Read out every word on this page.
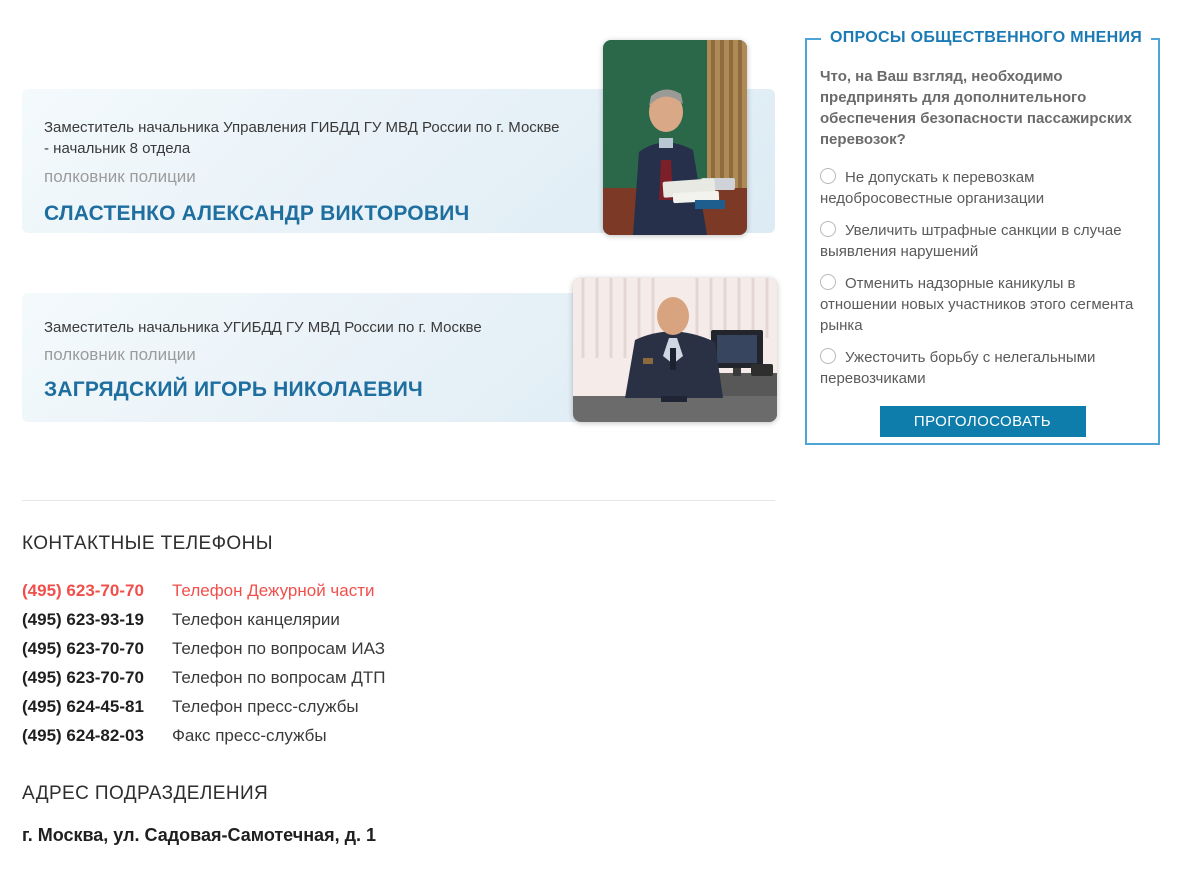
Заместитель начальника Управления ГИБДД ГУ МВД России по г. Москве - начальник 8 отдела
полковник полиции
СЛАСТЕНКО АЛЕКСАНДР ВИКТОРОВИЧ
Заместитель начальника УГИБДД ГУ МВД России по г. Москве
полковник полиции
ЗАГРЯДСКИЙ ИГОРЬ НИКОЛАЕВИЧ
КОНТАКТНЫЕ ТЕЛЕФОНЫ
(495) 623-70-70	Телефон Дежурной части
(495) 623-93-19	Телефон канцелярии
(495) 623-70-70	Телефон по вопросам ИАЗ
(495) 623-70-70	Телефон по вопросам ДТП
(495) 624-45-81	Телефон пресс-службы
(495) 624-82-03	Факс пресс-службы
АДРЕС ПОДРАЗДЕЛЕНИЯ
г. Москва, ул. Садовая-Самотечная, д. 1
ОПРОСЫ ОБЩЕСТВЕННОГО МНЕНИЯ
Что, на Ваш взгляд, необходимо предпринять для дополнительного обеспечения безопасности пассажирских перевозок?
Не допускать к перевозкам недобросовестные организации
Увеличить штрафные санкции в случае выявления нарушений
Отменить надзорные каникулы в отношении новых участников этого сегмента рынка
Ужесточить борьбу с нелегальными перевозчиками
ПРОГОЛОСОВАТЬ
